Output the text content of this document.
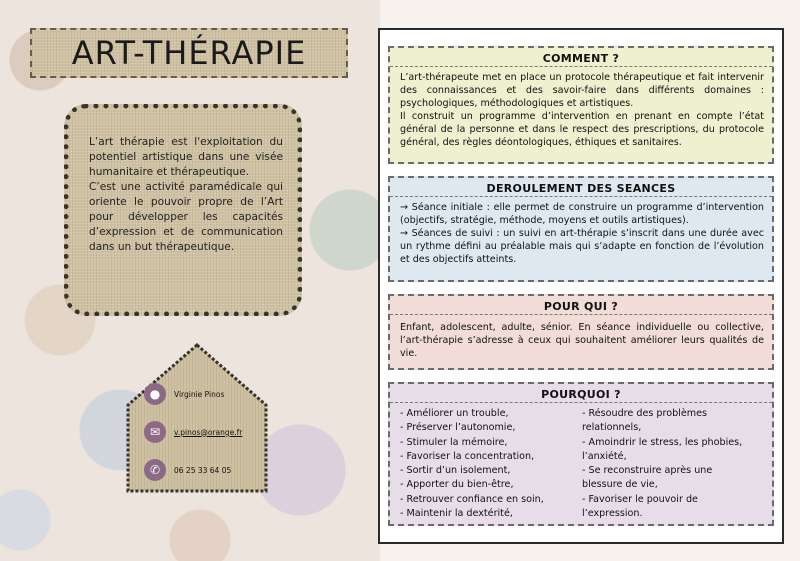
ART-THÉRAPIE

L’art thérapie est l'exploitation du potentiel artistique dans une visée humanitaire et thérapeutique.

C’est une activité paramédicale qui oriente le pouvoir propre de l’Art pour développer les capacités d’expression et de communication dans un but thérapeutique.

●	Virginie Pinos
✉	v.pinos@orange.fr
✆	06 25 33 64 05
COMMENT ?

L’art-thérapeute met en place un protocole thérapeutique et fait intervenir des connaissances et des savoir-faire dans différents domaines : psychologiques, méthodologiques et artistiques.

Il construit un programme d’intervention en prenant en compte l’état général de la personne et dans le respect des prescriptions, du protocole général, des règles déontologiques, éthiques et sanitaires.

DEROULEMENT DES SEANCES

→ Séance initiale : elle permet de construire un programme d’intervention (objectifs, stratégie, méthode, moyens et outils artistiques).

→ Séances de suivi : un suivi en art-thérapie s’inscrit dans une durée avec un rythme défini au préalable mais qui s’adapte en fonction de l’évolution et des objectifs atteints.

POUR QUI ?

Enfant, adolescent, adulte, sénior. En séance individuelle ou collective, l’art-thérapie s’adresse à ceux qui souhaitent améliorer leurs qualités de vie.

POURQUOI ?
- Améliorer un trouble,
- Préserver l’autonomie,
- Stimuler la mémoire,
- Favoriser la concentration,
- Sortir d’un isolement,
- Apporter du bien-être,
- Retrouver confiance en soin,
- Maintenir la dextérité,
- Résoudre des problèmes
relationnels,
- Amoindrir le stress, les phobies,
l’anxiété,
- Se reconstruire après une
blessure de vie,
- Favoriser le pouvoir de
l’expression.
